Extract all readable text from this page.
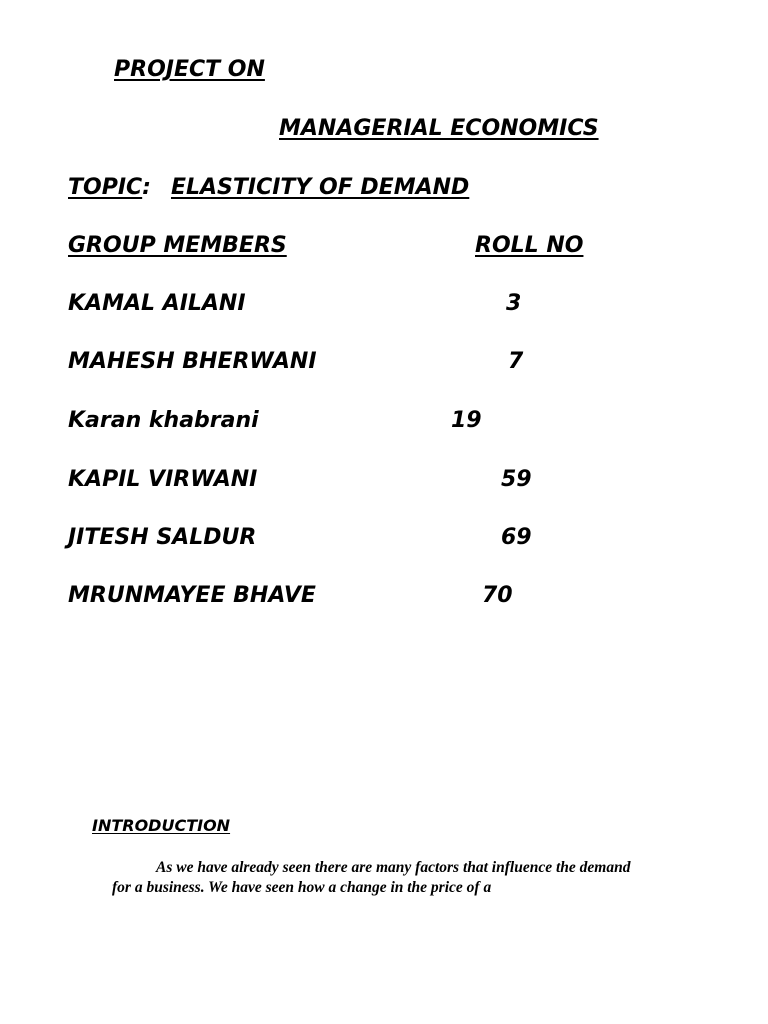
PROJECT ON

MANAGERIAL ECONOMICS

TOPIC: ELASTICITY OF DEMAND

GROUP MEMBERS	ROLL NO

KAMAL AILANI	3

MAHESH BHERWANI	7

Karan khabrani	19

KAPIL VIRWANI	59

JITESH SALDUR	69

MRUNMAYEE BHAVE	70

INTRODUCTION

As we have already seen there are many factors that influence the demand for a business. We have seen how a change in the price of a
